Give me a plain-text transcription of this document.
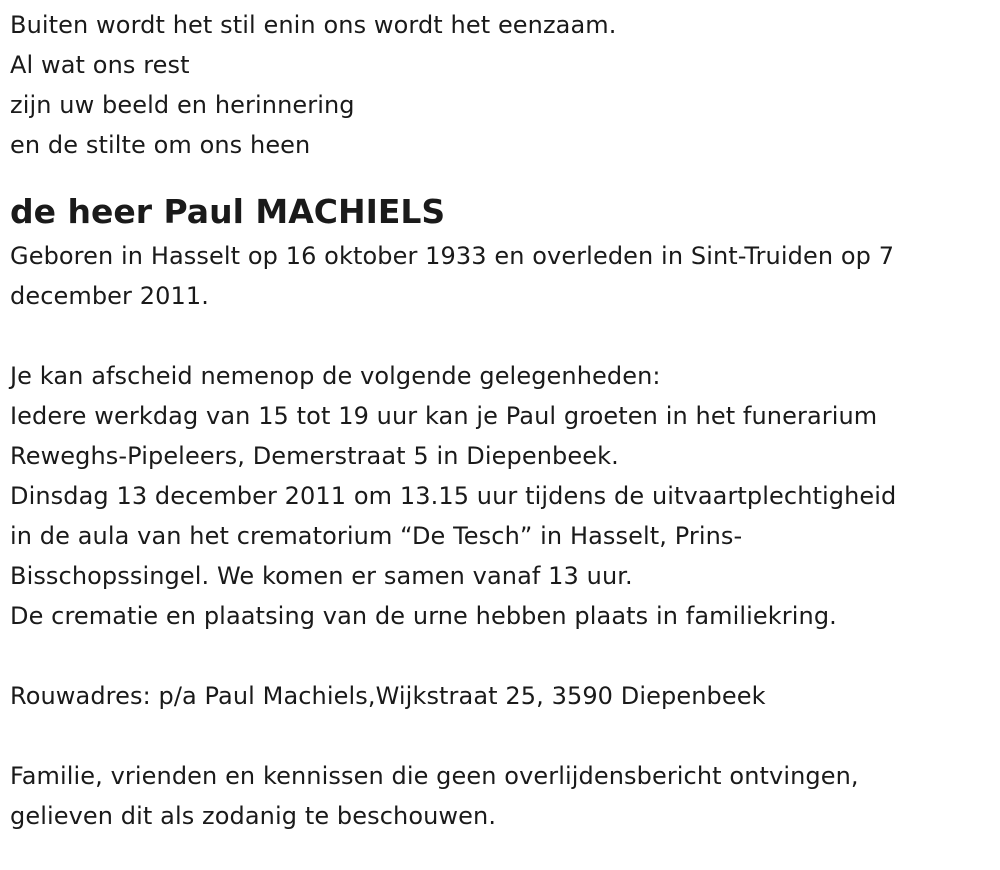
Buiten wordt het stil enin ons wordt het eenzaam.
Al wat ons rest
zijn uw beeld en herinnering
en de stilte om ons heen
de heer Paul MACHIELS
Geboren in Hasselt op 16 oktober 1933 en overleden in Sint-Truiden op 7
december 2011.
Je kan afscheid nemenop de volgende gelegenheden:
Iedere werkdag van 15 tot 19 uur kan je Paul groeten in het funerarium
Reweghs-Pipeleers, Demerstraat 5 in Diepenbeek.
Dinsdag 13 december 2011 om 13.15 uur tijdens de uitvaartplechtigheid
in de aula van het crematorium “De Tesch” in Hasselt, Prins-
Bisschopssingel. We komen er samen vanaf 13 uur.
De crematie en plaatsing van de urne hebben plaats in familiekring.
Rouwadres: p/a Paul Machiels,Wijkstraat 25, 3590 Diepenbeek
Familie, vrienden en kennissen die geen overlijdensbericht ontvingen,
gelieven dit als zodanig te beschouwen.
